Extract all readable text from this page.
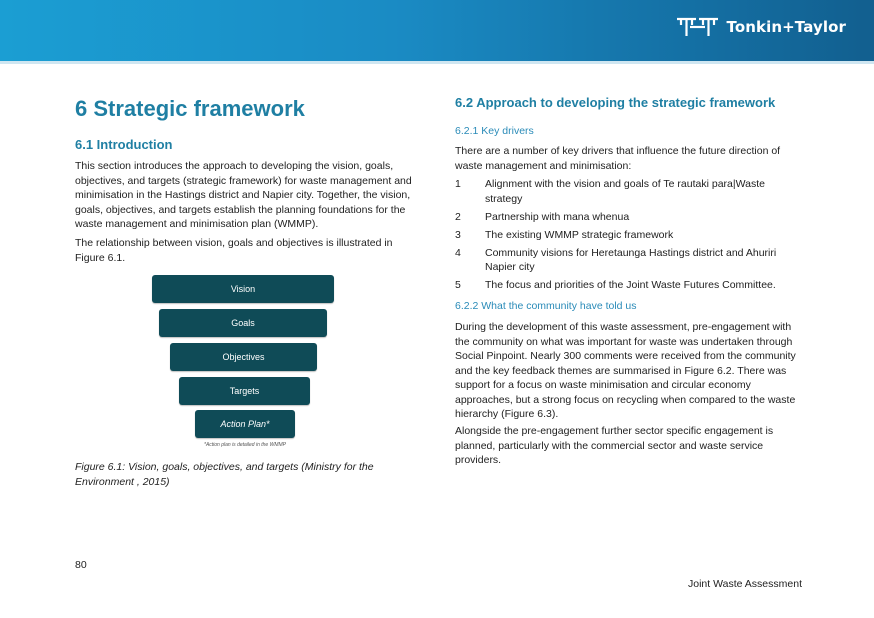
Tonkin+Taylor
6 Strategic framework
6.1 Introduction
This section introduces the approach to developing the vision, goals, objectives, and targets (strategic framework) for waste management and minimisation in the Hastings district and Napier city. Together, the vision, goals, objectives, and targets establish the planning foundations for the waste management and minimisation plan (WMMP).
The relationship between vision, goals and objectives is illustrated in Figure 6.1.
Vision
Goals
Objectives
Targets
Action Plan*
*Action plan is detailed in the WMMP
Figure 6.1: Vision, goals, objectives, and targets (Ministry for the Environment , 2015)
6.2 Approach to developing the strategic framework
6.2.1 Key drivers
There are a number of key drivers that influence the future direction of waste management and minimisation:
1	Alignment with the vision and goals of Te rautaki para|Waste strategy
2	Partnership with mana whenua
3	The existing WMMP strategic framework
4	Community visions for Heretaunga Hastings district and Ahuriri Napier city
5	The focus and priorities of the Joint Waste Futures Committee.
6.2.2 What the community have told us
During the development of this waste assessment, pre-engagement with the community on what was important for waste was undertaken through Social Pinpoint. Nearly 300 comments were received from the community and the key feedback themes are summarised in Figure 6.2. There was support for a focus on waste minimisation and circular economy approaches, but a strong focus on recycling when compared to the waste hierarchy (Figure 6.3).
Alongside the pre-engagement further sector specific engagement is planned, particularly with the commercial sector and waste service providers.
80
Joint Waste Assessment
